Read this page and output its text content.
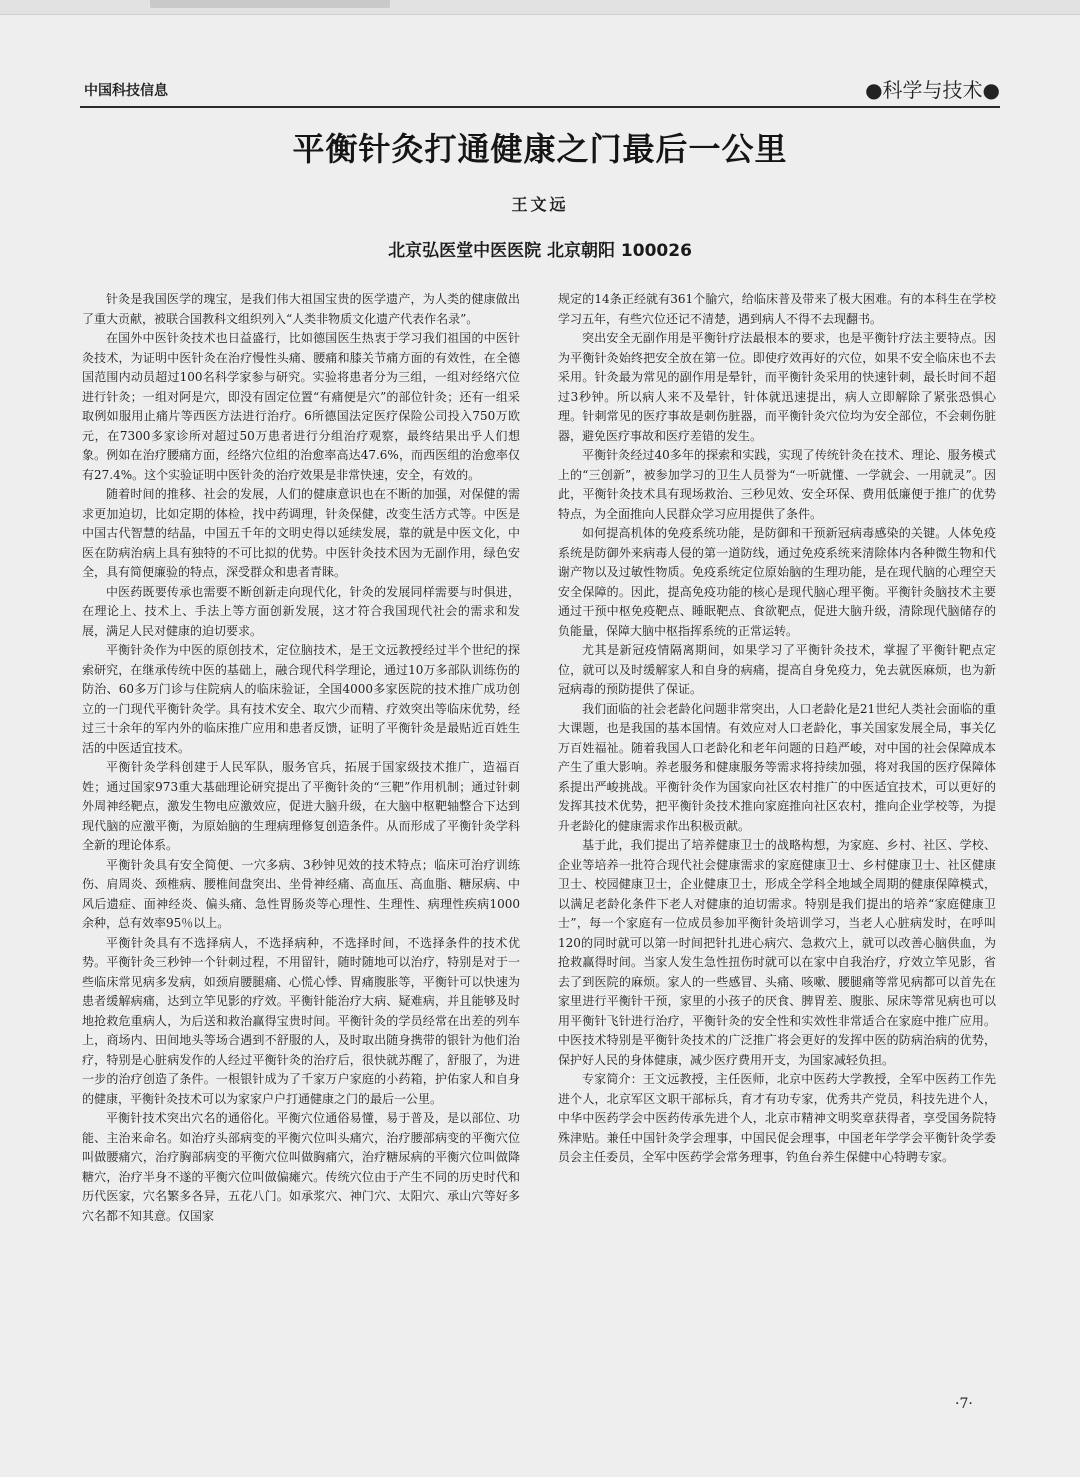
中国科技信息	●科学与技术●
平衡针灸打通健康之门最后一公里
王文远
北京弘医堂中医医院 北京朝阳 100026

针灸是我国医学的瑰宝，是我们伟大祖国宝贵的医学遗产，为人类的健康做出了重大贡献，被联合国教科文组织列入“人类非物质文化遗产代表作名录”。

在国外中医针灸技术也日益盛行，比如德国医生热衷于学习我们祖国的中医针灸技术，为证明中医针灸在治疗慢性头痛、腰痛和膝关节痛方面的有效性，在全德国范围内动员超过100名科学家参与研究。实验将患者分为三组，一组对经络穴位进行针灸；一组对阿是穴，即没有固定位置“有痛便是穴”的部位针灸；还有一组采取例如服用止痛片等西医方法进行治疗。6所德国法定医疗保险公司投入750万欧元，在7300多家诊所对超过50万患者进行分组治疗观察，最终结果出乎人们想象。例如在治疗腰痛方面，经络穴位组的治愈率高达47.6%，而西医组的治愈率仅有27.4%。这个实验证明中医针灸的治疗效果是非常快速，安全，有效的。

随着时间的推移、社会的发展，人们的健康意识也在不断的加强，对保健的需求更加迫切，比如定期的体检，找中药调理，针灸保健，改变生活方式等。中医是中国古代智慧的结晶，中国五千年的文明史得以延续发展，靠的就是中医文化，中医在防病治病上具有独特的不可比拟的优势。中医针灸技术因为无副作用，绿色安全，具有简便廉验的特点，深受群众和患者青睐。

中医药既要传承也需要不断创新走向现代化，针灸的发展同样需要与时俱进，在理论上、技术上、手法上等方面创新发展，这才符合我国现代社会的需求和发展，满足人民对健康的迫切要求。

平衡针灸作为中医的原创技术，定位脑技术，是王文远教授经过半个世纪的探索研究，在继承传统中医的基础上，融合现代科学理论，通过10万多部队训练伤的防治、60多万门诊与住院病人的临床验证，全国4000多家医院的技术推广成功创立的一门现代平衡针灸学。具有技术安全、取穴少而精、疗效突出等临床优势，经过三十余年的军内外的临床推广应用和患者反馈，证明了平衡针灸是最贴近百姓生活的中医适宜技术。

平衡针灸学科创建于人民军队，服务官兵，拓展于国家级技术推广，造福百姓；通过国家973重大基础理论研究提出了平衡针灸的“三靶”作用机制；通过针刺外周神经靶点，激发生物电应激效应，促进大脑升级，在大脑中枢靶轴整合下达到现代脑的应激平衡，为原始脑的生理病理修复创造条件。从而形成了平衡针灸学科全新的理论体系。

平衡针灸具有安全简便、一穴多病、3秒钟见效的技术特点；临床可治疗训练伤、肩周炎、颈椎病、腰椎间盘突出、坐骨神经痛、高血压、高血脂、糖尿病、中风后遗症、面神经炎、偏头痛、急性胃肠炎等心理性、生理性、病理性疾病1000余种，总有效率95％以上。

平衡针灸具有不选择病人，不选择病种，不选择时间，不选择条件的技术优势。平衡针灸三秒钟一个针刺过程，不用留针，随时随地可以治疗，特别是对于一些临床常见病多发病，如颈肩腰腿痛、心慌心悸、胃痛腹胀等，平衡针可以快速为患者缓解病痛，达到立竿见影的疗效。平衡针能治疗大病、疑难病，并且能够及时地抢救危重病人，为后送和救治赢得宝贵时间。平衡针灸的学员经常在出差的列车上，商场内、田间地头等场合遇到不舒服的人，及时取出随身携带的银针为他们治疗，特别是心脏病发作的人经过平衡针灸的治疗后，很快就苏醒了，舒服了，为进一步的治疗创造了条件。一根银针成为了千家万户家庭的小药箱，护佑家人和自身的健康，平衡针灸技术可以为家家户户打通健康之门的最后一公里。

平衡针技术突出穴名的通俗化。平衡穴位通俗易懂，易于普及，是以部位、功能、主治来命名。如治疗头部病变的平衡穴位叫头痛穴，治疗腰部病变的平衡穴位叫做腰痛穴，治疗胸部病变的平衡穴位叫做胸痛穴，治疗糖尿病的平衡穴位叫做降糖穴，治疗半身不遂的平衡穴位叫做偏瘫穴。传统穴位由于产生不同的历史时代和历代医家，穴名繁多各异，五花八门。如承浆穴、神门穴、太阳穴、承山穴等好多穴名都不知其意。仅国家

规定的14条正经就有361个腧穴，给临床普及带来了极大困难。有的本科生在学校学习五年，有些穴位还记不清楚，遇到病人不得不去现翻书。

突出安全无副作用是平衡针疗法最根本的要求，也是平衡针疗法主要特点。因为平衡针灸始终把安全放在第一位。即使疗效再好的穴位，如果不安全临床也不去采用。针灸最为常见的副作用是晕针，而平衡针灸采用的快速针刺，最长时间不超过3秒钟。所以病人来不及晕针，针体就迅速提出，病人立即解除了紧张恐惧心理。针刺常见的医疗事故是刺伤脏器，而平衡针灸穴位均为安全部位，不会刺伤脏器，避免医疗事故和医疗差错的发生。

平衡针灸经过40多年的探索和实践，实现了传统针灸在技术、理论、服务模式上的“三创新”，被参加学习的卫生人员誉为“一听就懂、一学就会、一用就灵”。因此，平衡针灸技术具有现场救治、三秒见效、安全环保、费用低廉便于推广的优势特点，为全面推向人民群众学习应用提供了条件。

如何提高机体的免疫系统功能，是防御和干预新冠病毒感染的关键。人体免疫系统是防御外来病毒人侵的第一道防线，通过免疫系统来清除体内各种微生物和代谢产物以及过敏性物质。免疫系统定位原始脑的生理功能，是在现代脑的心理空天安全保障的。因此，提高免疫功能的核心是现代脑心理平衡。平衡针灸脑技术主要通过干预中枢免疫靶点、睡眠靶点、食欲靶点，促进大脑升级，清除现代脑储存的负能量，保障大脑中枢指挥系统的正常运转。

尤其是新冠疫情隔离期间，如果学习了平衡针灸技术，掌握了平衡针靶点定位，就可以及时缓解家人和自身的病痛，提高自身免疫力，免去就医麻烦，也为新冠病毒的预防提供了保证。

我们面临的社会老龄化问题非常突出，人口老龄化是21世纪人类社会面临的重大课题，也是我国的基本国情。有效应对人口老龄化，事关国家发展全局，事关亿万百姓福祉。随着我国人口老龄化和老年问题的日趋严峻，对中国的社会保障成本产生了重大影响。养老服务和健康服务等需求将持续加强，将对我国的医疗保障体系提出严峻挑战。平衡针灸作为国家向社区农村推广的中医适宜技术，可以更好的发挥其技术优势，把平衡针灸技术推向家庭推向社区农村，推向企业学校等，为提升老龄化的健康需求作出积极贡献。

基于此，我们提出了培养健康卫士的战略构想，为家庭、乡村、社区、学校、企业等培养一批符合现代社会健康需求的家庭健康卫士、乡村健康卫士、社区健康卫士、校园健康卫士，企业健康卫士，形成全学科全地域全周期的健康保障模式，以满足老龄化条件下老人对健康的迫切需求。特别是我们提出的培养“家庭健康卫士”，每一个家庭有一位成员参加平衡针灸培训学习，当老人心脏病发时，在呼叫120的同时就可以第一时间把针扎进心病穴、急救穴上，就可以改善心脑供血，为抢救赢得时间。当家人发生急性扭伤时就可以在家中自我治疗，疗效立竿见影，省去了到医院的麻烦。家人的一些感冒、头痛、咳嗽、腰腿痛等常见病都可以首先在家里进行平衡针干预，家里的小孩子的厌食、脾胃差、腹胀、尿床等常见病也可以用平衡针飞针进行治疗，平衡针灸的安全性和实效性非常适合在家庭中推广应用。中医技术特别是平衡针灸技术的广泛推广将会更好的发挥中医的防病治病的优势，保护好人民的身体健康，减少医疗费用开支，为国家减轻负担。

专家简介：王文远教授，主任医师，北京中医药大学教授，全军中医药工作先进个人，北京军区文职干部标兵，育才有功专家，优秀共产党员，科技先进个人，中华中医药学会中医药传承先进个人，北京市精神文明奖章获得者，享受国务院特殊津贴。兼任中国针灸学会理事，中国民促会理事，中国老年学学会平衡针灸学委员会主任委员，全军中医药学会常务理事，钓鱼台养生保健中心特聘专家。

·7·
